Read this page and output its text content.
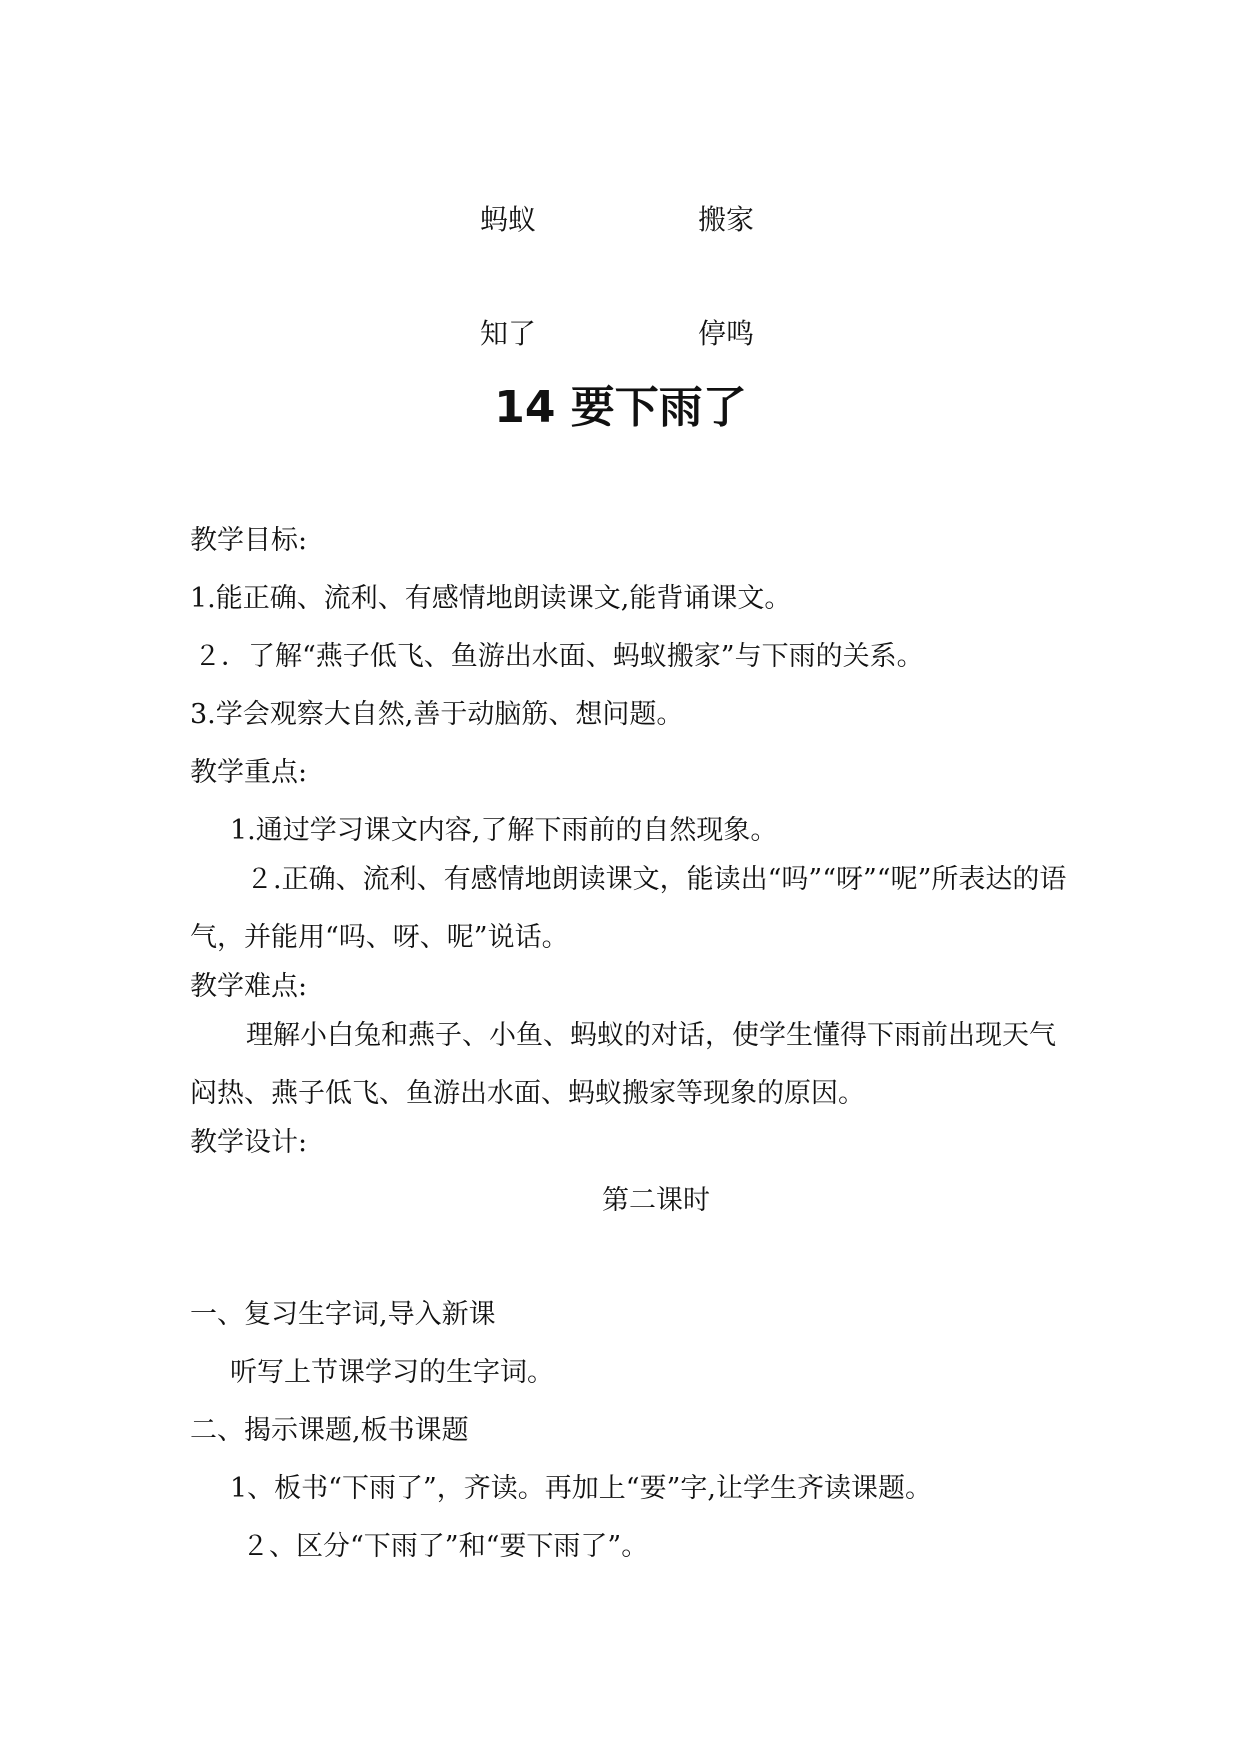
蚂蚁	搬家
知了	停鸣
14 要下雨了

教学目标:

1.能正确、流利、有感情地朗读课文,能背诵课文。

２．了解“燕子低飞、鱼游出水面、蚂蚁搬家”与下雨的关系。

3.学会观察大自然,善于动脑筋、想问题。

教学重点:

1.通过学习课文内容,了解下雨前的自然现象。

２.正确、流利、有感情地朗读课文，能读出“吗”“呀”“呢”所表达的语气，并能用“吗、呀、呢”说话。

教学难点:

理解小白兔和燕子、小鱼、蚂蚁的对话，使学生懂得下雨前出现天气闷热、燕子低飞、鱼游出水面、蚂蚁搬家等现象的原因。

教学设计:

第二课时

一、复习生字词,导入新课

听写上节课学习的生字词。

二、揭示课题,板书课题

1、板书“下雨了”，齐读。再加上“要”字,让学生齐读课题。

２、区分“下雨了”和“要下雨了”。
